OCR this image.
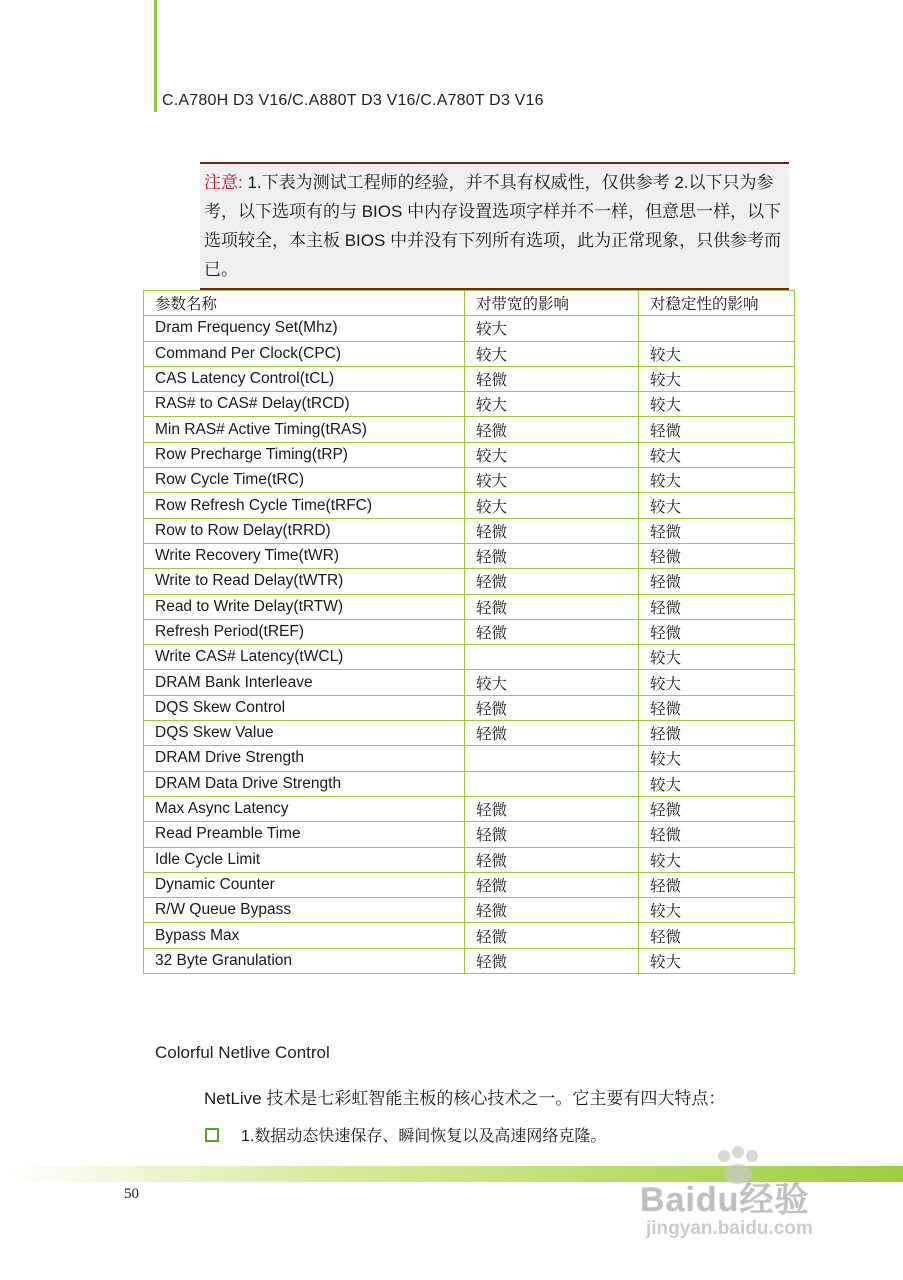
C.A780H D3 V16/C.A880T D3 V16/C.A780T D3 V16
注意: 1.下表为测试工程师的经验，并不具有权威性，仅供参考 2.以下只为参考，以下选项有的与 BIOS 中内存设置选项字样并不一样，但意思一样，以下选项较全，本主板 BIOS 中并没有下列所有选项，此为正常现象，只供参考而已。
参数名称	对带宽的影响	对稳定性的影响
Dram Frequency Set(Mhz)	较大	
Command Per Clock(CPC)	较大	较大
CAS Latency Control(tCL)	轻微	较大
RAS# to CAS# Delay(tRCD)	较大	较大
Min RAS# Active Timing(tRAS)	轻微	轻微
Row Precharge Timing(tRP)	较大	较大
Row Cycle Time(tRC)	较大	较大
Row Refresh Cycle Time(tRFC)	较大	较大
Row to Row Delay(tRRD)	轻微	轻微
Write Recovery Time(tWR)	轻微	轻微
Write to Read Delay(tWTR)	轻微	轻微
Read to Write Delay(tRTW)	轻微	轻微
Refresh Period(tREF)	轻微	轻微
Write CAS# Latency(tWCL)		较大
DRAM Bank Interleave	较大	较大
DQS Skew Control	轻微	轻微
DQS Skew Value	轻微	轻微
DRAM Drive Strength		较大
DRAM Data Drive Strength		较大
Max Async Latency	轻微	轻微
Read Preamble Time	轻微	轻微
Idle Cycle Limit	轻微	较大
Dynamic Counter	轻微	轻微
R/W Queue Bypass	轻微	较大
Bypass Max	轻微	轻微
32 Byte Granulation	轻微	较大
Colorful Netlive Control
NetLive 技术是七彩虹智能主板的核心技术之一。它主要有四大特点：
1.数据动态快速保存、瞬间恢复以及高速网络克隆。
50	Baidu经验
jingyan.baidu.com
